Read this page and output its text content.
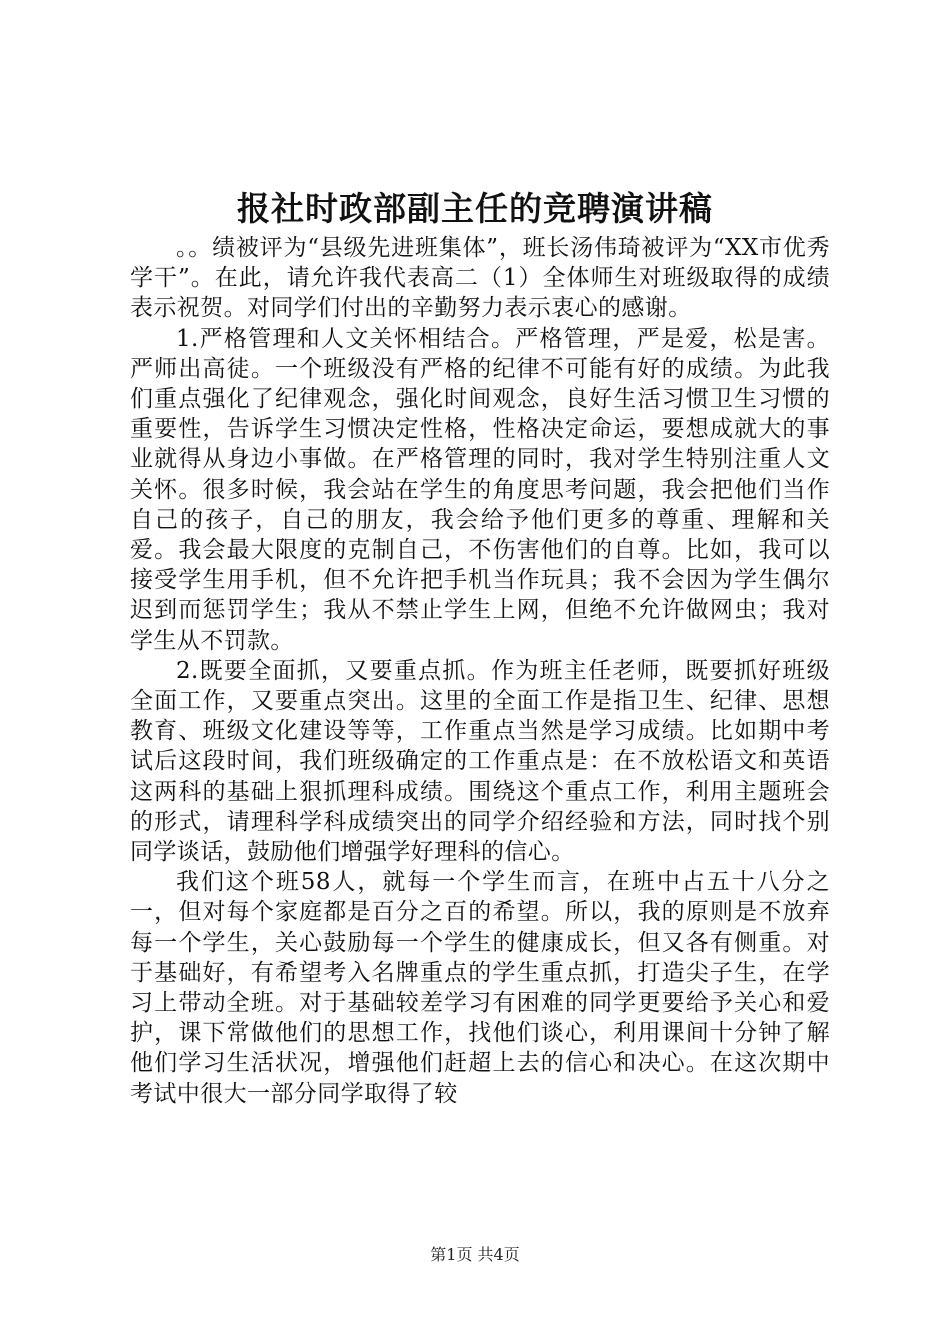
报社时政部副主任的竞聘演讲稿

。。绩被评为“县级先进班集体”，班长汤伟琦被评为“XX市优秀学干”。在此，请允许我代表高二（1）全体师生对班级取得的成绩表示祝贺。对同学们付出的辛勤努力表示衷心的感谢。

1.严格管理和人文关怀相结合。严格管理，严是爱，松是害。严师出高徒。一个班级没有严格的纪律不可能有好的成绩。为此我们重点强化了纪律观念，强化时间观念，良好生活习惯卫生习惯的重要性，告诉学生习惯决定性格，性格决定命运，要想成就大的事业就得从身边小事做。在严格管理的同时，我对学生特别注重人文关怀。很多时候，我会站在学生的角度思考问题，我会把他们当作自己的孩子，自己的朋友，我会给予他们更多的尊重、理解和关爱。我会最大限度的克制自己，不伤害他们的自尊。比如，我可以接受学生用手机，但不允许把手机当作玩具；我不会因为学生偶尔迟到而惩罚学生；我从不禁止学生上网，但绝不允许做网虫；我对学生从不罚款。

2.既要全面抓，又要重点抓。作为班主任老师，既要抓好班级全面工作，又要重点突出。这里的全面工作是指卫生、纪律、思想教育、班级文化建设等等，工作重点当然是学习成绩。比如期中考试后这段时间，我们班级确定的工作重点是：在不放松语文和英语这两科的基础上狠抓理科成绩。围绕这个重点工作，利用主题班会的形式，请理科学科成绩突出的同学介绍经验和方法，同时找个别同学谈话，鼓励他们增强学好理科的信心。

我们这个班58人，就每一个学生而言，在班中占五十八分之一，但对每个家庭都是百分之百的希望。所以，我的原则是不放弃每一个学生，关心鼓励每一个学生的健康成长，但又各有侧重。对于基础好，有希望考入名牌重点的学生重点抓，打造尖子生，在学习上带动全班。对于基础较差学习有困难的同学更要给予关心和爱护，课下常做他们的思想工作，找他们谈心，利用课间十分钟了解他们学习生活状况，增强他们赶超上去的信心和决心。在这次期中考试中很大一部分同学取得了较

第1页 共4页
